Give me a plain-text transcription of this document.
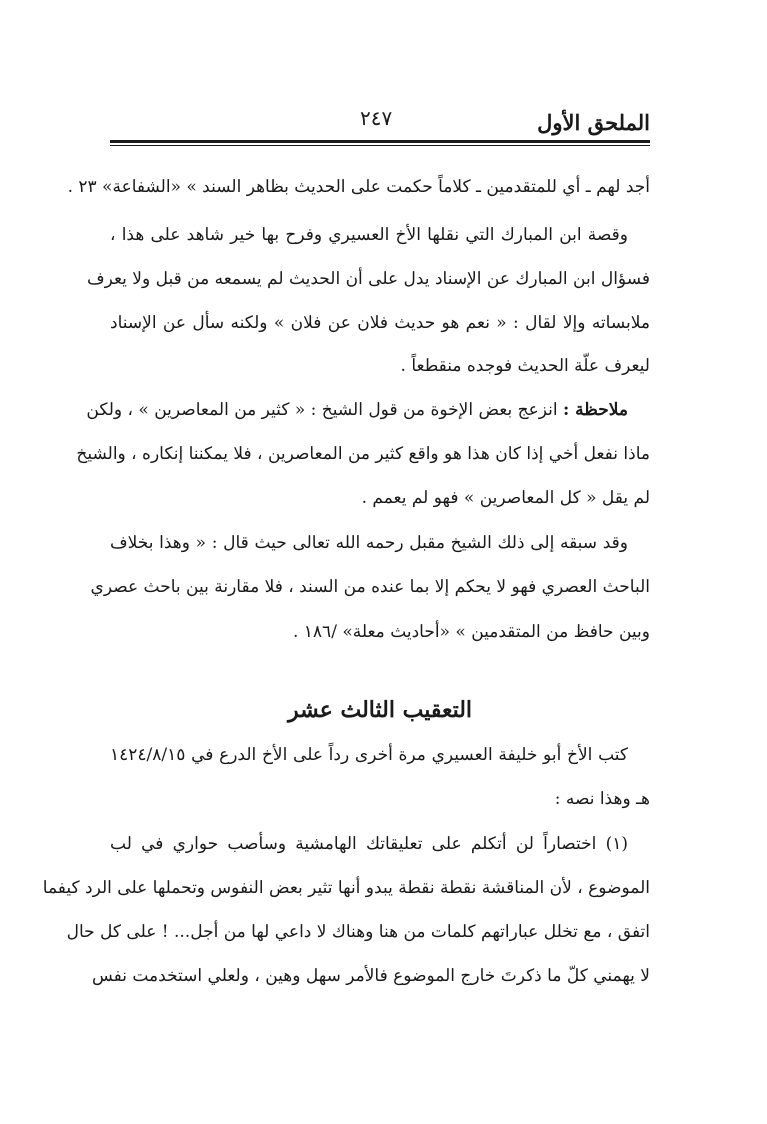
الملحق الأول
٢٤٧
أجد لهم ـ أي للمتقدمين ـ كلاماً حكمت على الحديث بظاهر السند » «الشفاعة» ٢٣ .
وقصة ابن المبارك التي نقلها الأخ العسيري وفرح بها خير شاهد على هذا ،
فسؤال ابن المبارك عن الإسناد يدل على أن الحديث لم يسمعه من قبل ولا يعرف
ملابساته وإلا لقال : « نعم هو حديث فلان عن فلان » ولكنه سأل عن الإسناد
ليعرف علّة الحديث فوجده منقطعاً .
ملاحظة : انزعج بعض الإخوة من قول الشيخ : « كثير من المعاصرين » ، ولكن
ماذا نفعل أخي إذا كان هذا هو واقع كثير من المعاصرين ، فلا يمكننا إنكاره ، والشيخ
لم يقل « كل المعاصرين » فهو لم يعمم .
وقد سبقه إلى ذلك الشيخ مقبل رحمه الله تعالى حيث قال : « وهذا بخلاف
الباحث العصري فهو لا يحكم إلا بما عنده من السند ، فلا مقارنة بين باحث عصري
وبين حافظ من المتقدمين » «أحاديث معلة» /١٨٦ .
التعقيب الثالث عشر
كتب الأخ أبو خليفة العسيري مرة أخرى رداً على الأخ الدرع في ١٤٢٤/٨/١٥
هـ وهذا نصه :
(١) اختصاراً لن أتكلم على تعليقاتك الهامشية وسأصب حواري في لب
الموضوع ، لأن المناقشة نقطة نقطة يبدو أنها تثير بعض النفوس وتحملها على الرد كيفما
اتفق ، مع تخلل عباراتهم كلمات من هنا وهناك لا داعي لها من أجل... ! على كل حال
لا يهمني كلّ ما ذكرتَ خارج الموضوع فالأمر سهل وهين ، ولعلي استخدمت نفس
